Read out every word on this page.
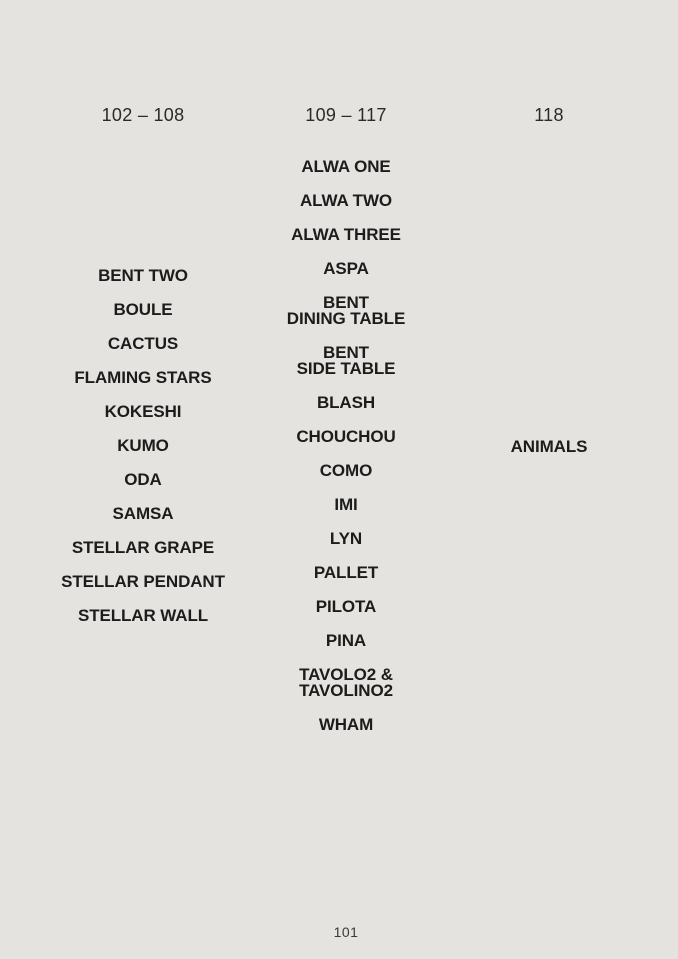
102 – 108
BENT TWO
BOULE
CACTUS
FLAMING STARS
KOKESHI
KUMO
ODA
SAMSA
STELLAR GRAPE
STELLAR PENDANT
STELLAR WALL
109 – 117
ALWA ONE
ALWA TWO
ALWA THREE
ASPA
BENT
DINING TABLE
BENT
SIDE TABLE
BLASH
CHOUCHOU
COMO
IMI
LYN
PALLET
PILOTA
PINA
TAVOLO2 &
TAVOLINO2
WHAM
118
ANIMALS
101
